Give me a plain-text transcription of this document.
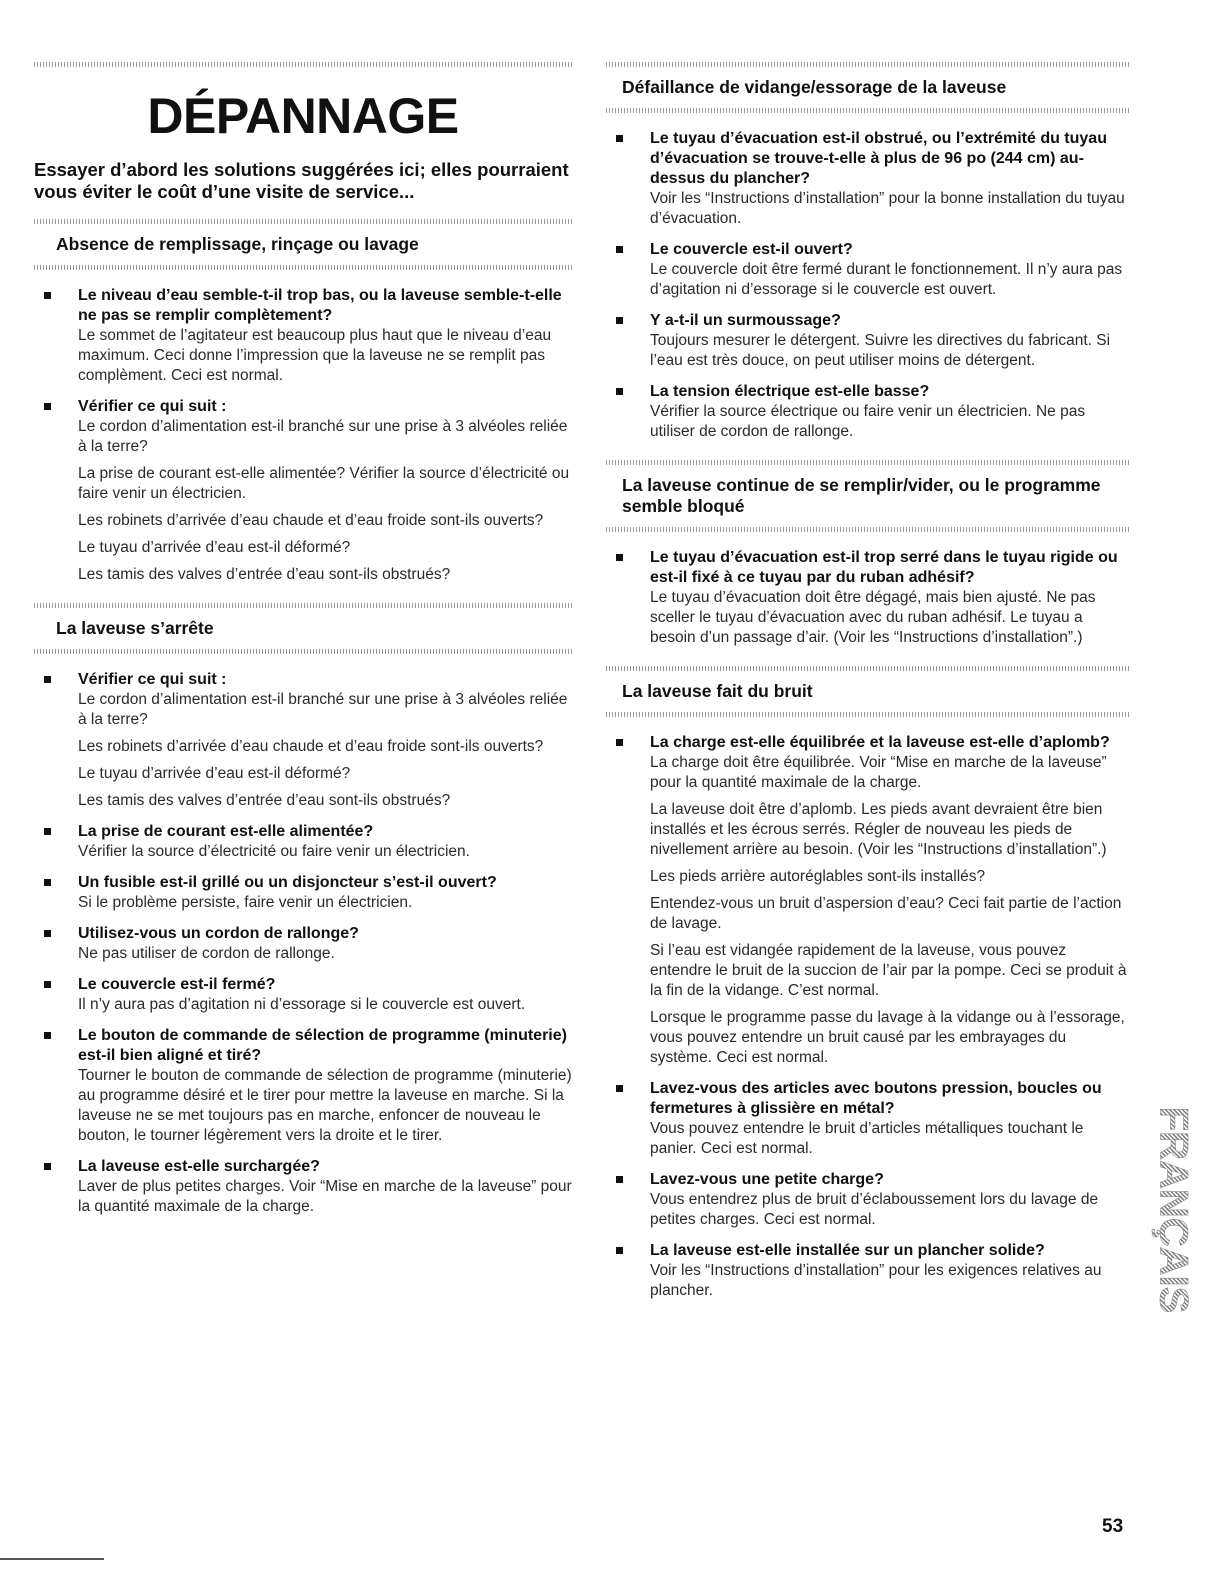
DÉPANNAGE

Essayer d’abord les solutions suggérées ici; elles pourraient vous éviter le coût d’une visite de service...

Absence de remplissage, rinçage ou lavage
Le niveau d’eau semble-t-il trop bas, ou la laveuse semble-t-elle ne pas se remplir complètement?

Le sommet de l’agitateur est beaucoup plus haut que le niveau d’eau maximum. Ceci donne l’impression que la laveuse ne se remplit pas complèment. Ceci est normal.

Vérifier ce qui suit :

Le cordon d’alimentation est-il branché sur une prise à 3 alvéoles reliée à la terre?

La prise de courant est-elle alimentée? Vérifier la source d’électricité ou faire venir un électricien.

Les robinets d’arrivée d’eau chaude et d’eau froide sont-ils ouverts?

Le tuyau d’arrivée d’eau est-il déformé?

Les tamis des valves d’entrée d’eau sont-ils obstrués?

La laveuse s’arrête
Vérifier ce qui suit :

Le cordon d’alimentation est-il branché sur une prise à 3 alvéoles reliée à la terre?

Les robinets d’arrivée d’eau chaude et d’eau froide sont-ils ouverts?

Le tuyau d’arrivée d’eau est-il déformé?

Les tamis des valves d’entrée d’eau sont-ils obstrués?

La prise de courant est-elle alimentée?

Vérifier la source d’électricité ou faire venir un électricien.

Un fusible est-il grillé ou un disjoncteur s’est-il ouvert?

Si le problème persiste, faire venir un électricien.

Utilisez-vous un cordon de rallonge?

Ne pas utiliser de cordon de rallonge.

Le couvercle est-il fermé?

Il n’y aura pas d’agitation ni d’essorage si le couvercle est ouvert.

Le bouton de commande de sélection de programme (minuterie) est-il bien aligné et tiré?

Tourner le bouton de commande de sélection de programme (minuterie) au programme désiré et le tirer pour mettre la laveuse en marche. Si la laveuse ne se met toujours pas en marche, enfoncer de nouveau le bouton, le tourner légèrement vers la droite et le tirer.

La laveuse est-elle surchargée?

Laver de plus petites charges. Voir “Mise en marche de la laveuse” pour la quantité maximale de la charge.

Défaillance de vidange/essorage de la laveuse
Le tuyau d’évacuation est-il obstrué, ou l’extrémité du tuyau d’évacuation se trouve-t-elle à plus de 96 po (244 cm) au-dessus du plancher?

Voir les “Instructions d’installation” pour la bonne installation du tuyau d’évacuation.

Le couvercle est-il ouvert?

Le couvercle doit être fermé durant le fonctionnement. Il n’y aura pas d’agitation ni d’essorage si le couvercle est ouvert.

Y a-t-il un surmoussage?

Toujours mesurer le détergent. Suivre les directives du fabricant. Si l’eau est très douce, on peut utiliser moins de détergent.

La tension électrique est-elle basse?

Vérifier la source électrique ou faire venir un électricien. Ne pas utiliser de cordon de rallonge.

La laveuse continue de se remplir/vider, ou le programme semble bloqué
Le tuyau d’évacuation est-il trop serré dans le tuyau rigide ou est-il fixé à ce tuyau par du ruban adhésif?

Le tuyau d’évacuation doit être dégagé, mais bien ajusté. Ne pas sceller le tuyau d’évacuation avec du ruban adhésif. Le tuyau a besoin d’un passage d’air. (Voir les “Instructions d’installation”.)

La laveuse fait du bruit
La charge est-elle équilibrée et la laveuse est-elle d’aplomb?

La charge doit être équilibrée. Voir “Mise en marche de la laveuse” pour la quantité maximale de la charge.

La laveuse doit être d’aplomb. Les pieds avant devraient être bien installés et les écrous serrés. Régler de nouveau les pieds de nivellement arrière au besoin. (Voir les “Instructions d’installation”.)

Les pieds arrière autoréglables sont-ils installés?

Entendez-vous un bruit d’aspersion d’eau? Ceci fait partie de l’action de lavage.

Si l’eau est vidangée rapidement de la laveuse, vous pouvez entendre le bruit de la succion de l’air par la pompe. Ceci se produit à la fin de la vidange. C’est normal.

Lorsque le programme passe du lavage à la vidange ou à l’essorage, vous pouvez entendre un bruit causé par les embrayages du système. Ceci est normal.

Lavez-vous des articles avec boutons pression, boucles ou fermetures à glissière en métal?

Vous pouvez entendre le bruit d’articles métalliques touchant le panier. Ceci est normal.

Lavez-vous une petite charge?

Vous entendrez plus de bruit d’éclaboussement lors du lavage de petites charges. Ceci est normal.

La laveuse est-elle installée sur un plancher solide?

Voir les “Instructions d’installation” pour les exigences relatives au plancher.	FRANÇAIS
53
